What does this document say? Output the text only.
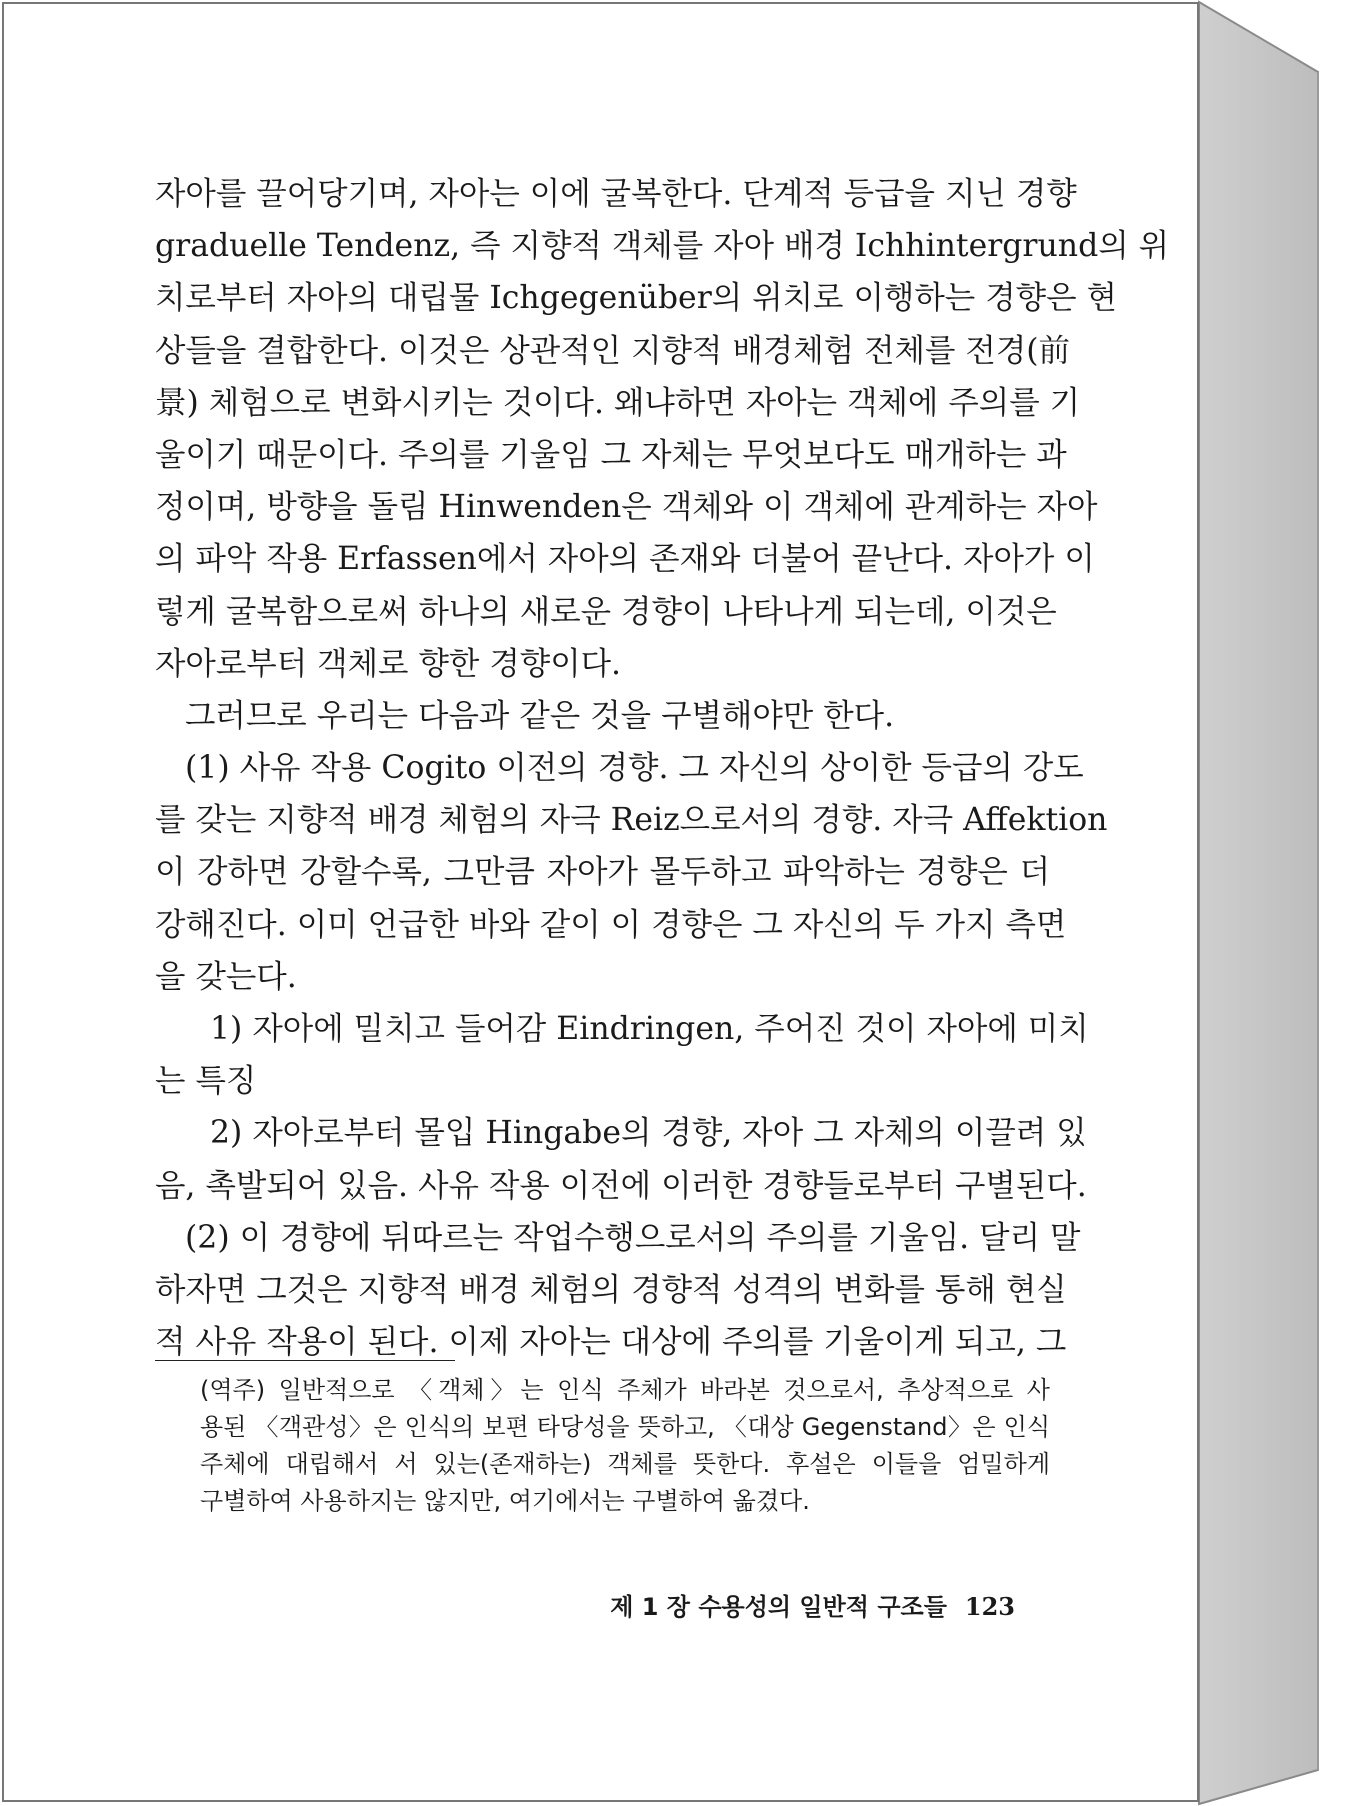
자아를 끌어당기며, 자아는 이에 굴복한다. 단계적 등급을 지닌 경향
graduelle Tendenz, 즉 지향적 객체를 자아 배경 Ichhintergrund의 위
치로부터 자아의 대립물 Ichgegenüber의 위치로 이행하는 경향은 현
상들을 결합한다. 이것은 상관적인 지향적 배경체험 전체를 전경(前
景) 체험으로 변화시키는 것이다. 왜냐하면 자아는 객체에 주의를 기
울이기 때문이다. 주의를 기울임 그 자체는 무엇보다도 매개하는 과
정이며, 방향을 돌림 Hinwenden은 객체와 이 객체에 관계하는 자아
의 파악 작용 Erfassen에서 자아의 존재와 더불어 끝난다. 자아가 이
렇게 굴복함으로써 하나의 새로운 경향이 나타나게 되는데, 이것은
자아로부터 객체로 향한 경향이다.
그러므로 우리는 다음과 같은 것을 구별해야만 한다.
(1) 사유 작용 Cogito 이전의 경향. 그 자신의 상이한 등급의 강도
를 갖는 지향적 배경 체험의 자극 Reiz으로서의 경향. 자극 Affektion
이 강하면 강할수록, 그만큼 자아가 몰두하고 파악하는 경향은 더
강해진다. 이미 언급한 바와 같이 이 경향은 그 자신의 두 가지 측면
을 갖는다.
1) 자아에 밀치고 들어감 Eindringen, 주어진 것이 자아에 미치
는 특징
2) 자아로부터 몰입 Hingabe의 경향, 자아 그 자체의 이끌려 있
음, 촉발되어 있음. 사유 작용 이전에 이러한 경향들로부터 구별된다.
(2) 이 경향에 뒤따르는 작업수행으로서의 주의를 기울임. 달리 말
하자면 그것은 지향적 배경 체험의 경향적 성격의 변화를 통해 현실
적 사유 작용이 된다. 이제 자아는 대상에 주의를 기울이게 되고, 그
(역주) 일반적으로 〈객체〉는 인식 주체가 바라본 것으로서, 추상적으로 사
용된 〈객관성〉은 인식의 보편 타당성을 뜻하고, 〈대상 Gegenstand〉은 인식
주체에 대립해서 서 있는(존재하는) 객체를 뜻한다. 후설은 이들을 엄밀하게
구별하여 사용하지는 않지만, 여기에서는 구별하여 옮겼다.
제 1 장 수용성의 일반적 구조들 123
